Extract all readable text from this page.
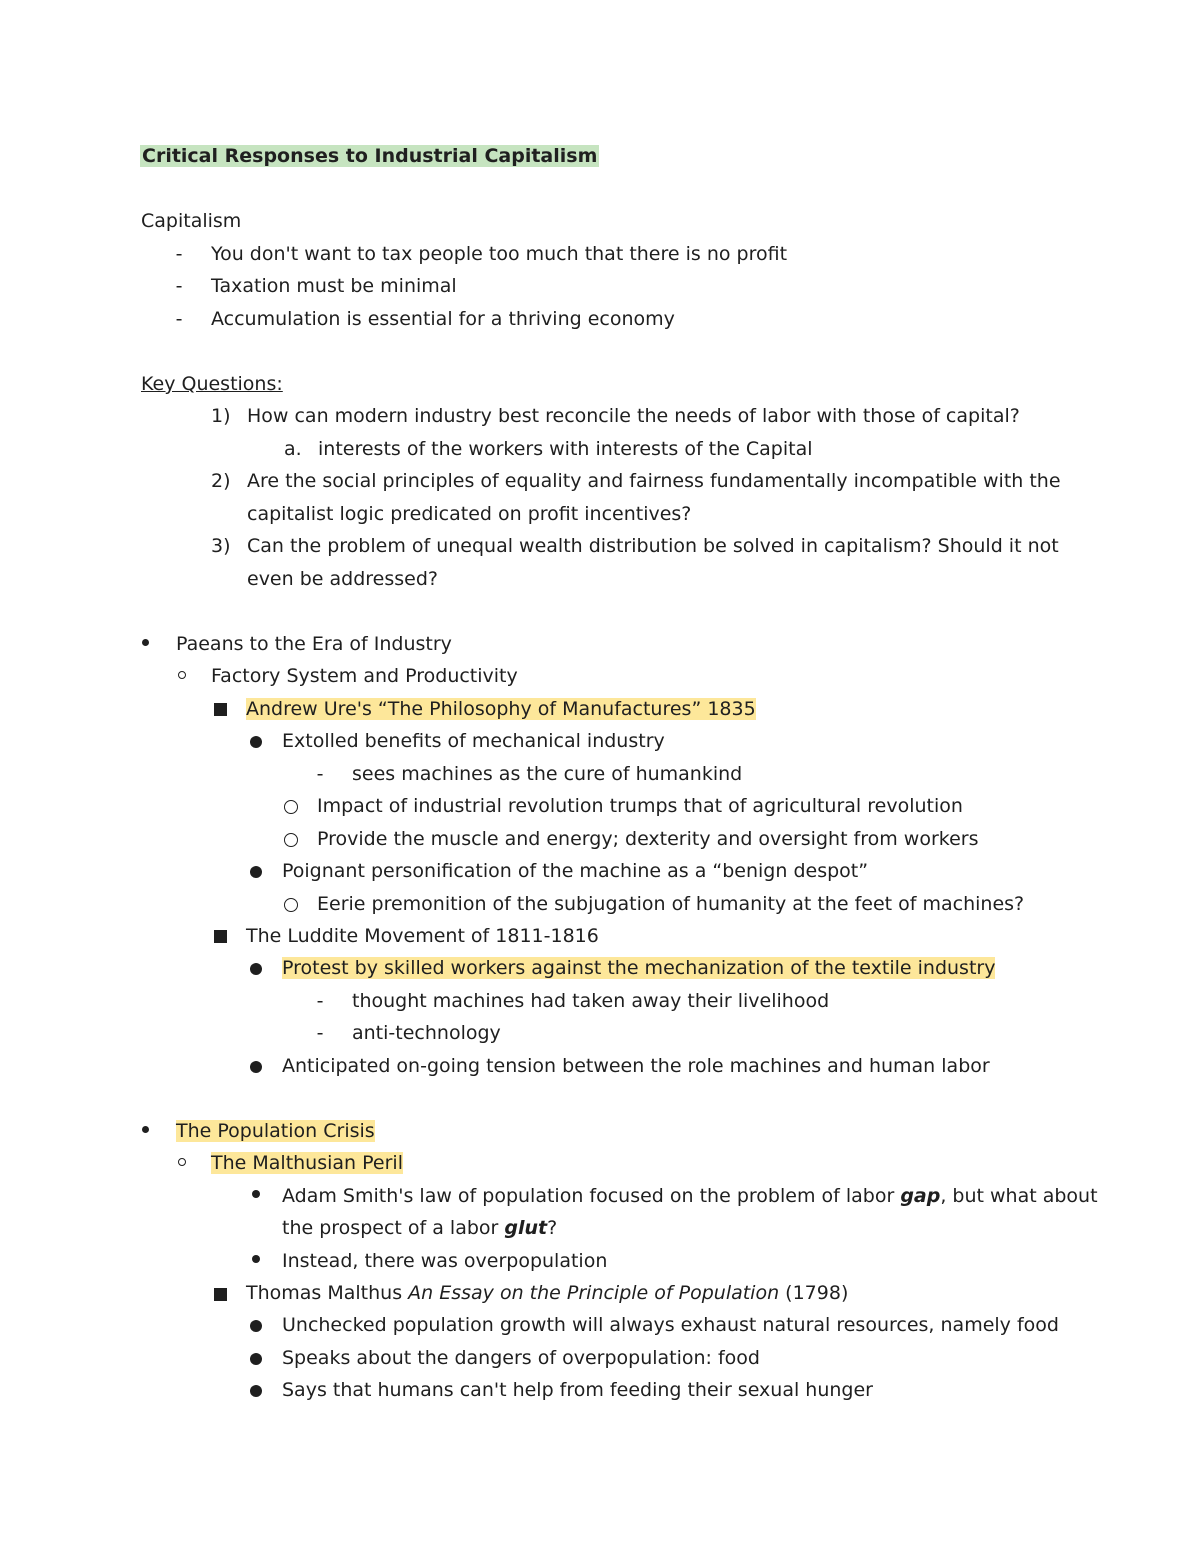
Critical Responses to Industrial Capitalism
Capitalism
- You don't want to tax people too much that there is no profit
- Taxation must be minimal
- Accumulation is essential for a thriving economy
Key Questions:
1) How can modern industry best reconcile the needs of labor with those of capital?
a. interests of the workers with interests of the Capital
2) Are the social principles of equality and fairness fundamentally incompatible with the
capitalist logic predicated on profit incentives?
3) Can the problem of unequal wealth distribution be solved in capitalism? Should it not
even be addressed?
Paeans to the Era of Industry
Factory System and Productivity
Andrew Ure's “The Philosophy of Manufactures” 1835
Extolled benefits of mechanical industry
- sees machines as the cure of humankind
Impact of industrial revolution trumps that of agricultural revolution
Provide the muscle and energy; dexterity and oversight from workers
Poignant personification of the machine as a “benign despot”
Eerie premonition of the subjugation of humanity at the feet of machines?
The Luddite Movement of 1811-1816
Protest by skilled workers against the mechanization of the textile industry
- thought machines had taken away their livelihood
- anti-technology
Anticipated on-going tension between the role machines and human labor
The Population Crisis
The Malthusian Peril
Adam Smith's law of population focused on the problem of labor gap, but what about
the prospect of a labor glut?
Instead, there was overpopulation
Thomas Malthus An Essay on the Principle of Population (1798)
Unchecked population growth will always exhaust natural resources, namely food
Speaks about the dangers of overpopulation: food
Says that humans can't help from feeding their sexual hunger
